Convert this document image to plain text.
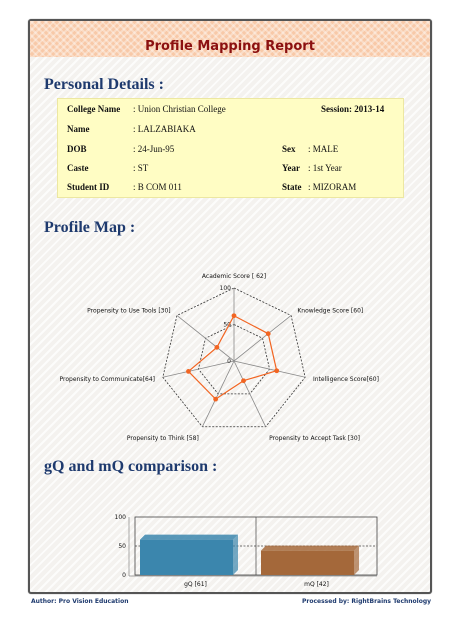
Profile Mapping Report
Personal Details :
College Name : Union Christian College	Session: 2013-14
Name	: LALZABIAKA
DOB	: 24-Jun-95	Sex : MALE
Caste	: ST	Year : 1st Year
Student ID	: B COM 011	State : MIZORAM
Profile Map :
100
50
0
Academic Score [ 62]
Knowledge Score [60]
Intelligence Score[60]
Propensity to Accept Task [30]
Propensity to Think [58]
Propensity to Communicate[64]
Propensity to Use Tools [30]
gQ and mQ comparison :
100
50
0
gQ [61]	mQ [42]
Author: Pro Vision Education	Processed by: RightBrains Technology
